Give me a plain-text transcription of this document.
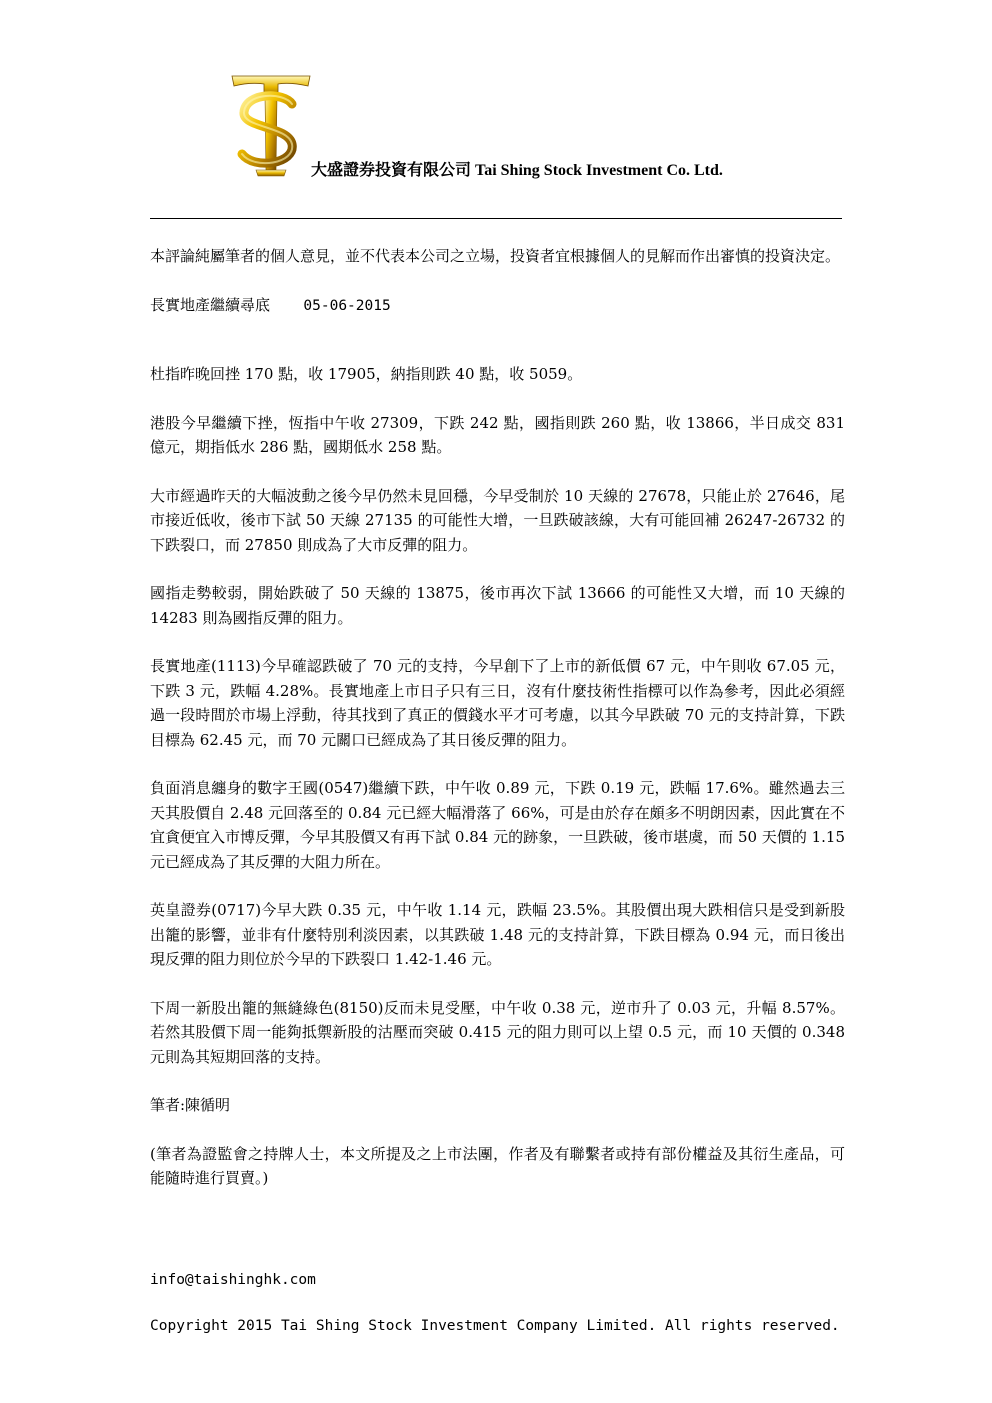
大盛證券投資有限公司 Tai Shing Stock Investment Co. Ltd.

本評論純屬筆者的個人意見，並不代表本公司之立場，投資者宜根據個人的見解而作出審慎的投資決定。

長實地產繼續尋底 05-06-2015

杜指昨晚回挫 170 點，收 17905，納指則跌 40 點，收 5059。

港股今早繼續下挫，恆指中午收 27309，下跌 242 點，國指則跌 260 點，收 13866，半日成交 831 億元，期指低水 286 點，國期低水 258 點。

大市經過昨天的大幅波動之後今早仍然未見回穩，今早受制於 10 天線的 27678，只能止於 27646，尾市接近低收，後市下試 50 天線 27135 的可能性大增，一旦跌破該線，大有可能回補 26247-26732 的下跌裂口，而 27850 則成為了大市反彈的阻力。

國指走勢較弱，開始跌破了 50 天線的 13875，後市再次下試 13666 的可能性又大增，而 10 天線的 14283 則為國指反彈的阻力。

長實地產(1113)今早確認跌破了 70 元的支持，今早創下了上市的新低價 67 元，中午則收 67.05 元，下跌 3 元，跌幅 4.28%。長實地產上市日子只有三日，沒有什麼技術性指標可以作為參考，因此必須經過一段時間於市場上浮動，待其找到了真正的價錢水平才可考慮，以其今早跌破 70 元的支持計算，下跌目標為 62.45 元，而 70 元關口已經成為了其日後反彈的阻力。

負面消息纏身的數字王國(0547)繼續下跌，中午收 0.89 元，下跌 0.19 元，跌幅 17.6%。雖然過去三天其股價自 2.48 元回落至的 0.84 元已經大幅滑落了 66%，可是由於存在頗多不明朗因素，因此實在不宜貪便宜入市博反彈，今早其股價又有再下試 0.84 元的跡象，一旦跌破，後市堪虞，而 50 天價的 1.15 元已經成為了其反彈的大阻力所在。

英皇證券(0717)今早大跌 0.35 元，中午收 1.14 元，跌幅 23.5%。其股價出現大跌相信只是受到新股出籠的影響，並非有什麼特別利淡因素，以其跌破 1.48 元的支持計算，下跌目標為 0.94 元，而日後出現反彈的阻力則位於今早的下跌裂口 1.42-1.46 元。

下周一新股出籠的無縫綠色(8150)反而未見受壓，中午收 0.38 元，逆市升了 0.03 元，升幅 8.57%。若然其股價下周一能夠抵禦新股的沽壓而突破 0.415 元的阻力則可以上望 0.5 元，而 10 天價的 0.348 元則為其短期回落的支持。

筆者:陳循明

(筆者為證監會之持牌人士，本文所提及之上市法團，作者及有聯繫者或持有部份權益及其衍生產品，可能隨時進行買賣。)

info@taishinghk.com
Copyright 2015 Tai Shing Stock Investment Company Limited. All rights reserved.
